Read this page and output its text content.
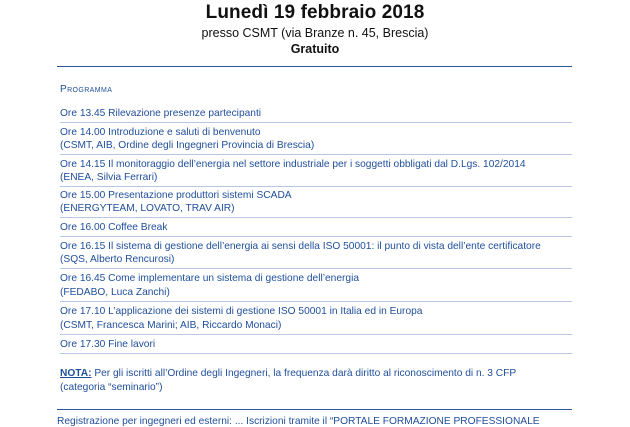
Lunedì 19 febbraio 2018
presso CSMT (via Branze n. 45, Brescia)
Gratuito
Programma
Ore 13.45 Rilevazione presenze partecipanti
Ore 14.00 Introduzione e saluti di benvenuto
(CSMT, AIB, Ordine degli Ingegneri Provincia di Brescia)
Ore 14.15 Il monitoraggio dell’energia nel settore industriale per i soggetti obbligati dal D.Lgs. 102/2014
(ENEA, Silvia Ferrari)
Ore 15.00 Presentazione produttori sistemi SCADA
(ENERGYTEAM, LOVATO, TRAV AIR)
Ore 16.00 Coffee Break
Ore 16.15 Il sistema di gestione dell’energia ai sensi della ISO 50001: il punto di vista dell’ente certificatore
(SQS, Alberto Rencurosi)
Ore 16.45 Come implementare un sistema di gestione dell’energia
(FEDABO, Luca Zanchi)
Ore 17.10 L’applicazione dei sistemi di gestione ISO 50001 in Italia ed in Europa
(CSMT, Francesca Marini; AIB, Riccardo Monaci)
Ore 17.30 Fine lavori
NOTA: Per gli iscritti all’Ordine degli Ingegneri, la frequenza darà diritto al riconoscimento di n. 3 CFP (categoria “seminario”)
Registrazione per ingegneri ed esterni: ... Iscrizioni tramite il “PORTALE FORMAZIONE PROFESSIONALE
